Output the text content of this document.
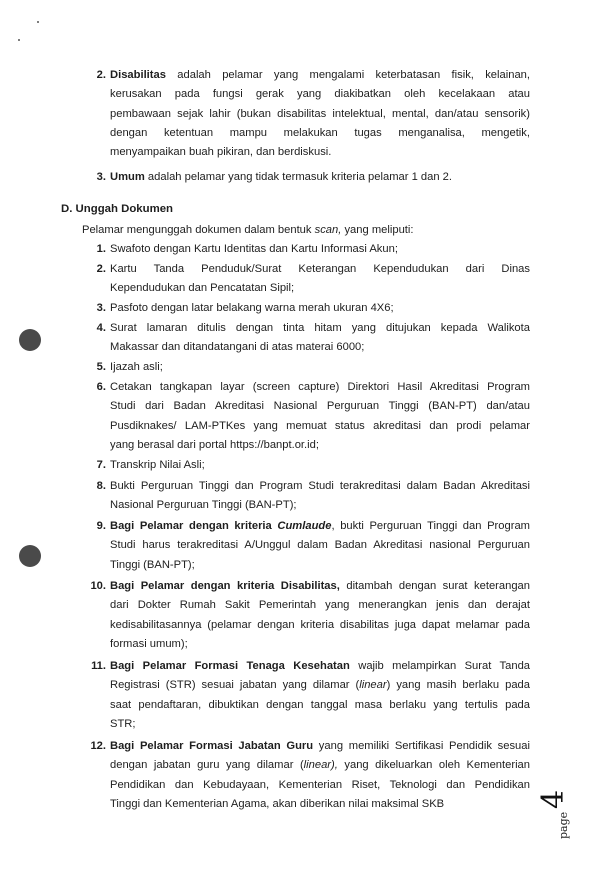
2. Disabilitas adalah pelamar yang mengalami keterbatasan fisik, kelainan,
kerusakan pada fungsi gerak yang diakibatkan oleh kecelakaan atau
pembawaan sejak lahir (bukan disabilitas intelektual, mental, dan/atau sensorik)
dengan ketentuan mampu melakukan tugas menganalisa, mengetik,
menyampaikan buah pikiran, dan berdiskusi.
3. Umum adalah pelamar yang tidak termasuk kriteria pelamar 1 dan 2.
D. Unggah Dokumen
Pelamar mengunggah dokumen dalam bentuk scan, yang meliputi:
1. Swafoto dengan Kartu Identitas dan Kartu Informasi Akun;
2. Kartu Tanda Penduduk/Surat Keterangan Kependudukan dari Dinas
Kependudukan dan Pencatatan Sipil;
3. Pasfoto dengan latar belakang warna merah ukuran 4X6;
4. Surat lamaran ditulis dengan tinta hitam yang ditujukan kepada Walikota
Makassar dan ditandatangani di atas materai 6000;
5. Ijazah asli;
6. Cetakan tangkapan layar (screen capture) Direktori Hasil Akreditasi Program
Studi dari Badan Akreditasi Nasional Perguruan Tinggi (BAN-PT) dan/atau
Pusdiknakes/ LAM-PTKes yang memuat status akreditasi dan prodi pelamar
yang berasal dari portal https://banpt.or.id;
7. Transkrip Nilai Asli;
8. Bukti Perguruan Tinggi dan Program Studi terakreditasi dalam Badan Akreditasi
Nasional Perguruan Tinggi (BAN-PT);
9. Bagi Pelamar dengan kriteria Cumlaude, bukti Perguruan Tinggi dan Program
Studi harus terakreditasi A/Unggul dalam Badan Akreditasi nasional Perguruan
Tinggi (BAN-PT);
10. Bagi Pelamar dengan kriteria Disabilitas, ditambah dengan surat keterangan
dari Dokter Rumah Sakit Pemerintah yang menerangkan jenis dan derajat
kedisabilitasannya (pelamar dengan kriteria disabilitas juga dapat melamar pada
formasi umum);
11. Bagi Pelamar Formasi Tenaga Kesehatan wajib melampirkan Surat Tanda
Registrasi (STR) sesuai jabatan yang dilamar (linear) yang masih berlaku pada
saat pendaftaran, dibuktikan dengan tanggal masa berlaku yang tertulis pada
STR;
12. Bagi Pelamar Formasi Jabatan Guru yang memiliki Sertifikasi Pendidik sesuai
dengan jabatan guru yang dilamar (linear), yang dikeluarkan oleh Kementerian
Pendidikan dan Kebudayaan, Kementerian Riset, Teknologi dan Pendidikan
Tinggi dan Kementerian Agama, akan diberikan nilai maksimal SKB
page
4
